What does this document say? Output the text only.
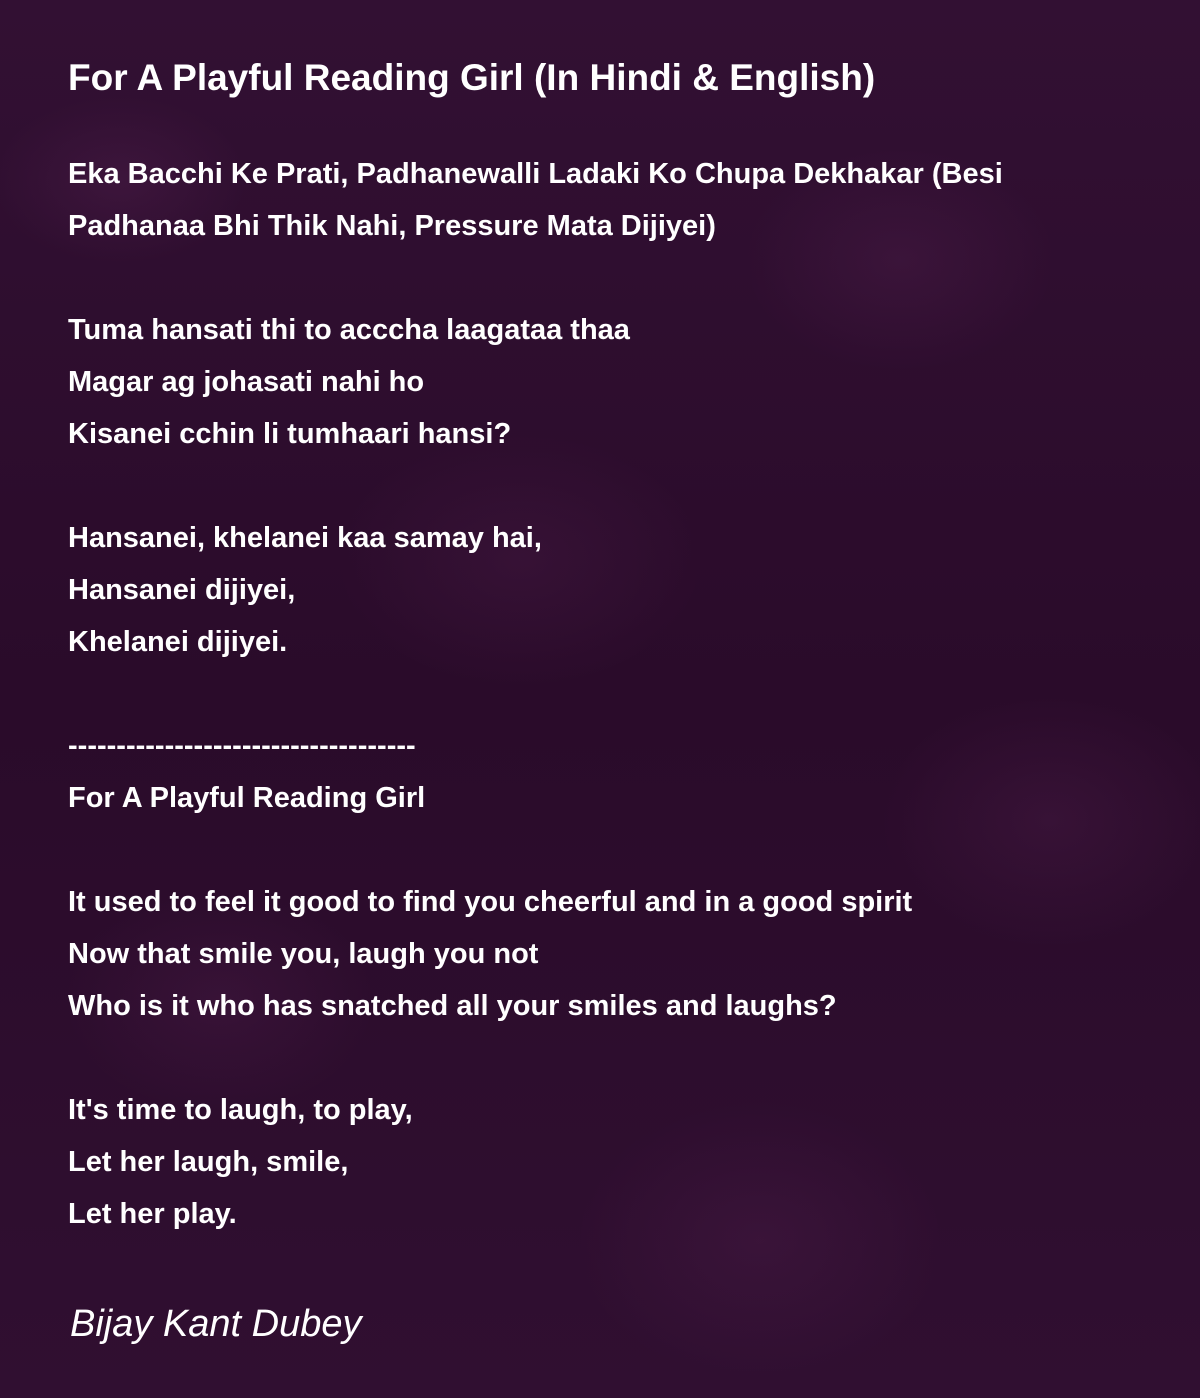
For A Playful Reading Girl (In Hindi & English)
Eka Bacchi Ke Prati, Padhanewalli Ladaki Ko Chupa Dekhakar (Besi Padhanaa Bhi Thik Nahi, Pressure Mata Dijiyei)
Tuma hansati thi to acccha laagataa thaa
Magar ag johasati nahi ho
Kisanei cchin li tumhaari hansi?
Hansanei, khelanei kaa samay hai,
Hansanei dijiyei,
Khelanei dijiyei.
------------------------------------
For A Playful Reading Girl
It used to feel it good to find you cheerful and in a good spirit
Now that smile you, laugh you not
Who is it who has snatched all your smiles and laughs?
It's time to laugh, to play,
Let her laugh, smile,
Let her play.
Bijay Kant Dubey
